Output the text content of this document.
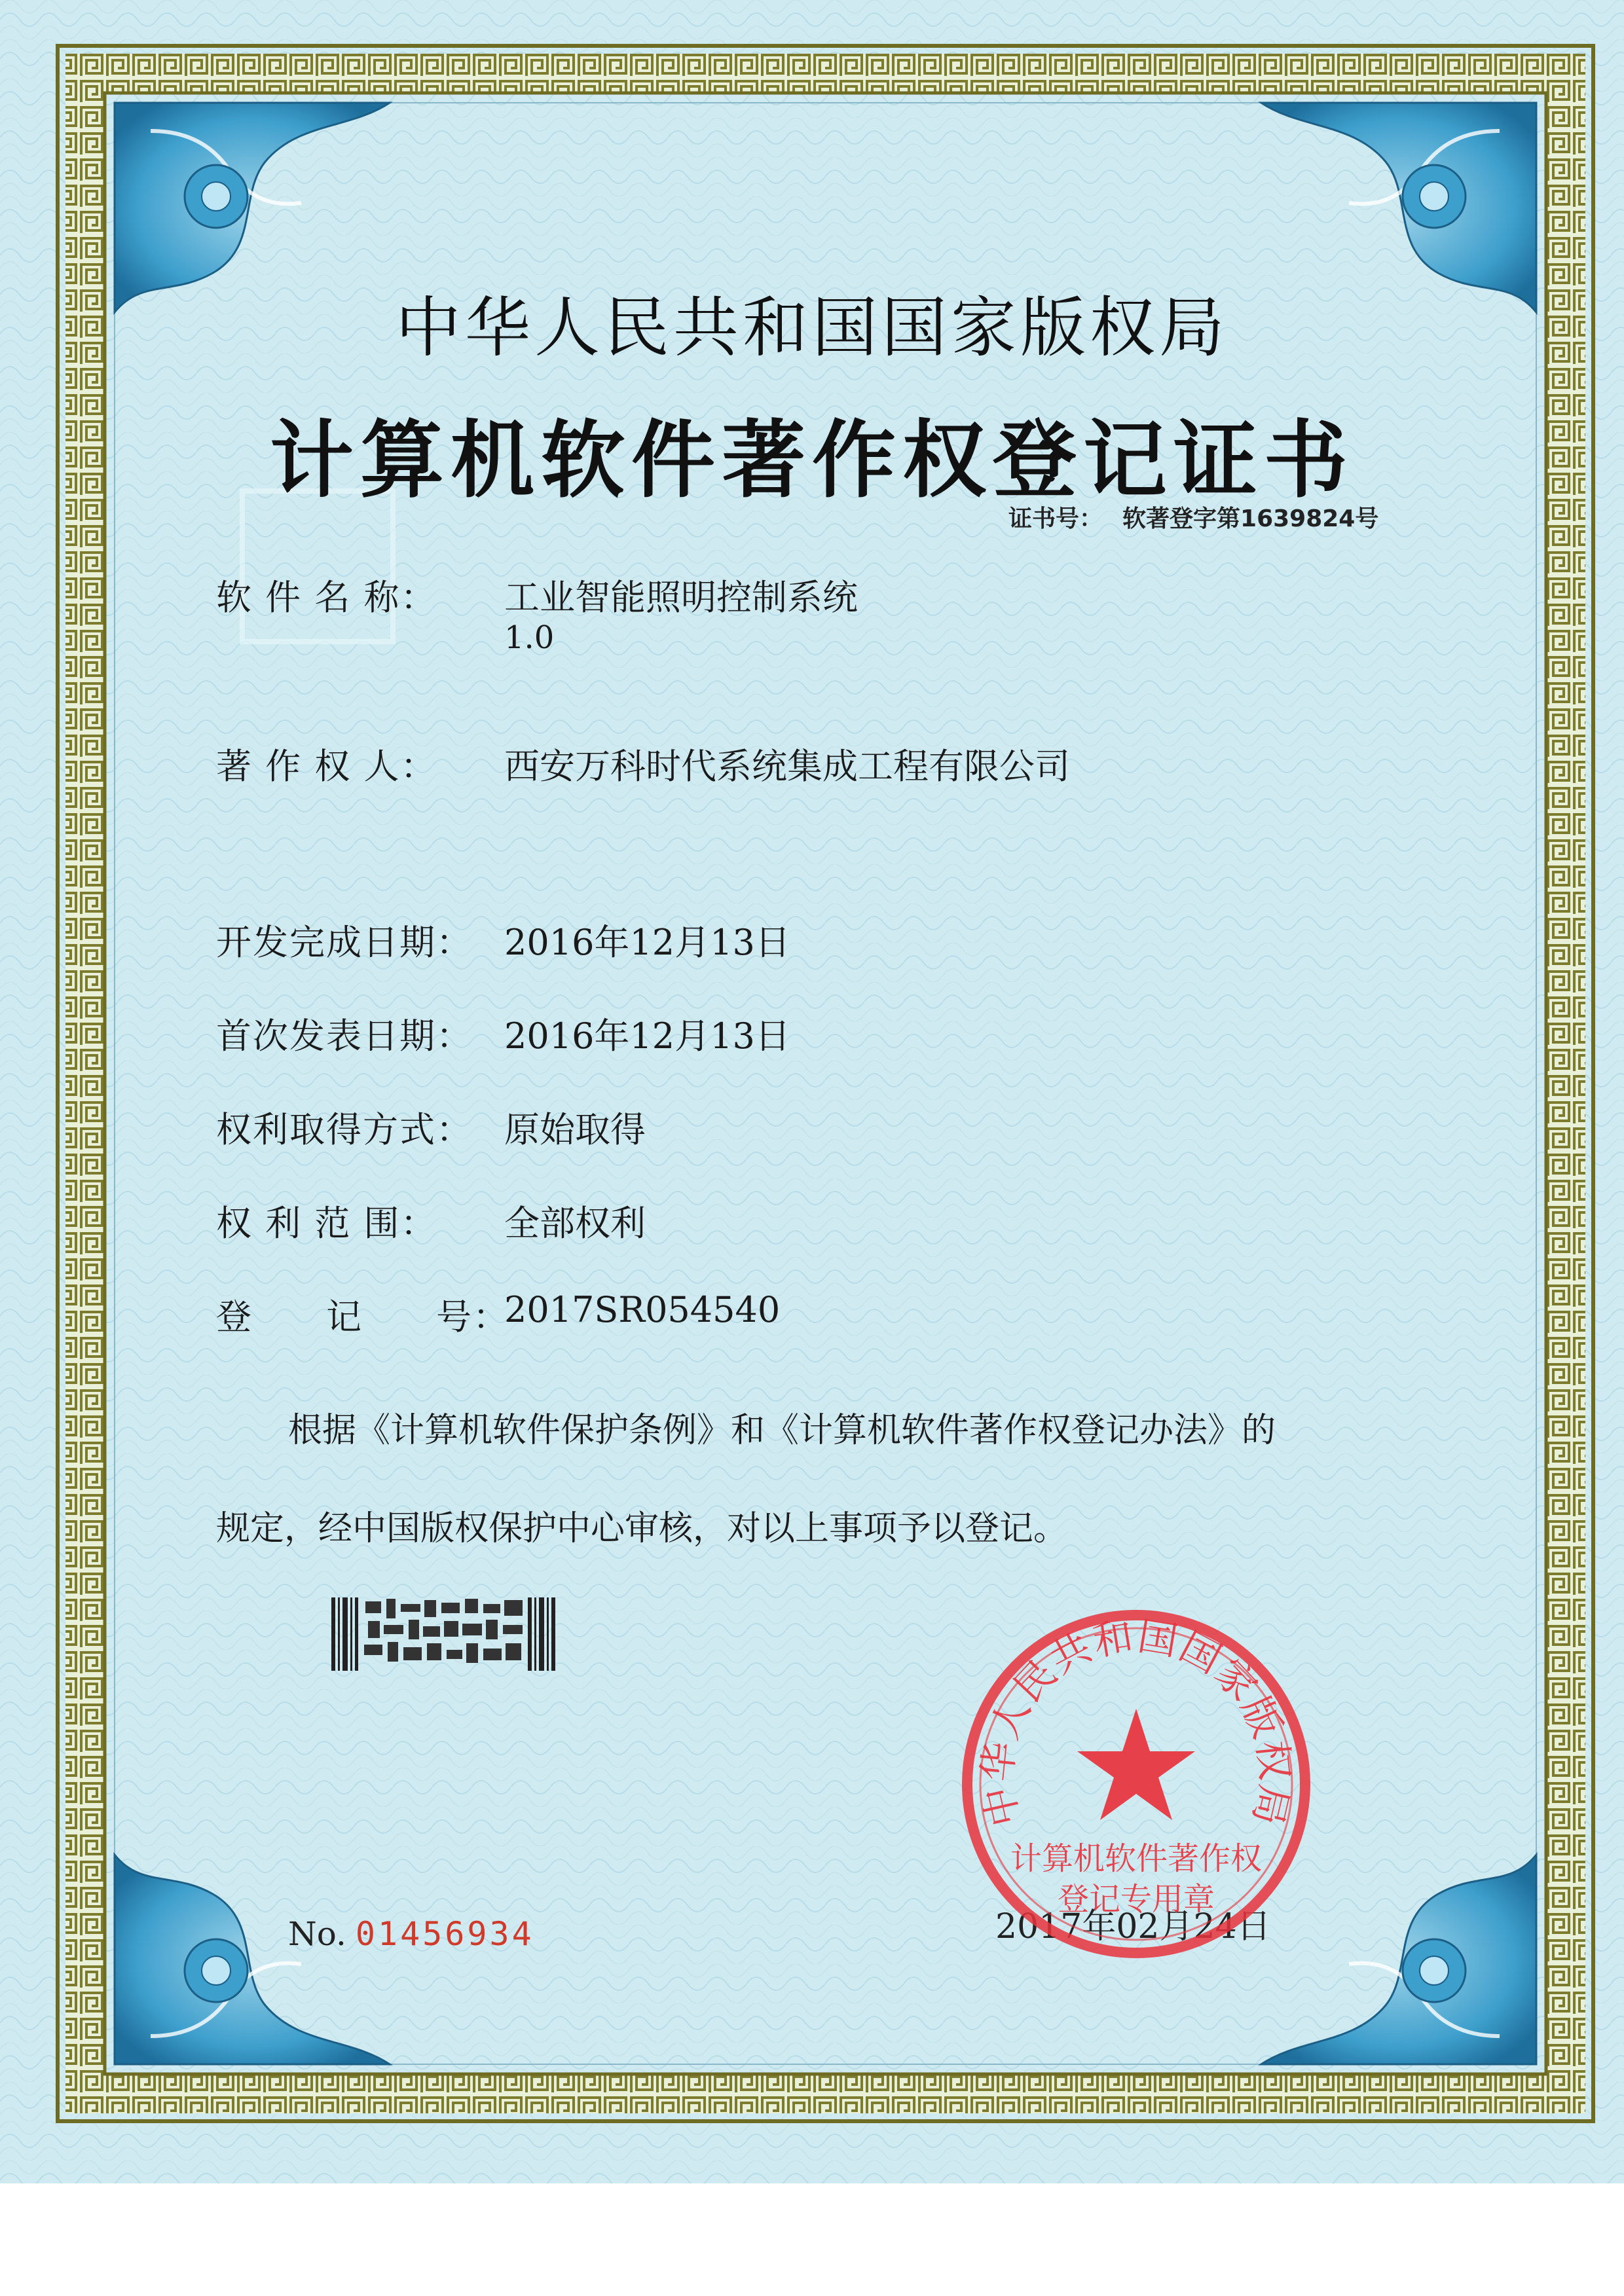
中华人民共和国国家版权局
计算机软件著作权登记证书
证书号： 软著登字第1639824号
软 件 名 称：	工业智能照明控制系统
1.0
著 作 权 人：	西安万科时代系统集成工程有限公司
开发完成日期： 2016年12月13日
首次发表日期： 2016年12月13日
权利取得方式： 原始取得
权 利 范 围：	全部权利
登　　记　　号：
2017SR054540
根据《计算机软件保护条例》和《计算机软件著作权登记办法》的
规定，经中国版权保护中心审核，对以上事项予以登记。
No. 01456934	2017年02月24日
中华人民共和国国家版权局
计算机软件著作权
登记专用章
